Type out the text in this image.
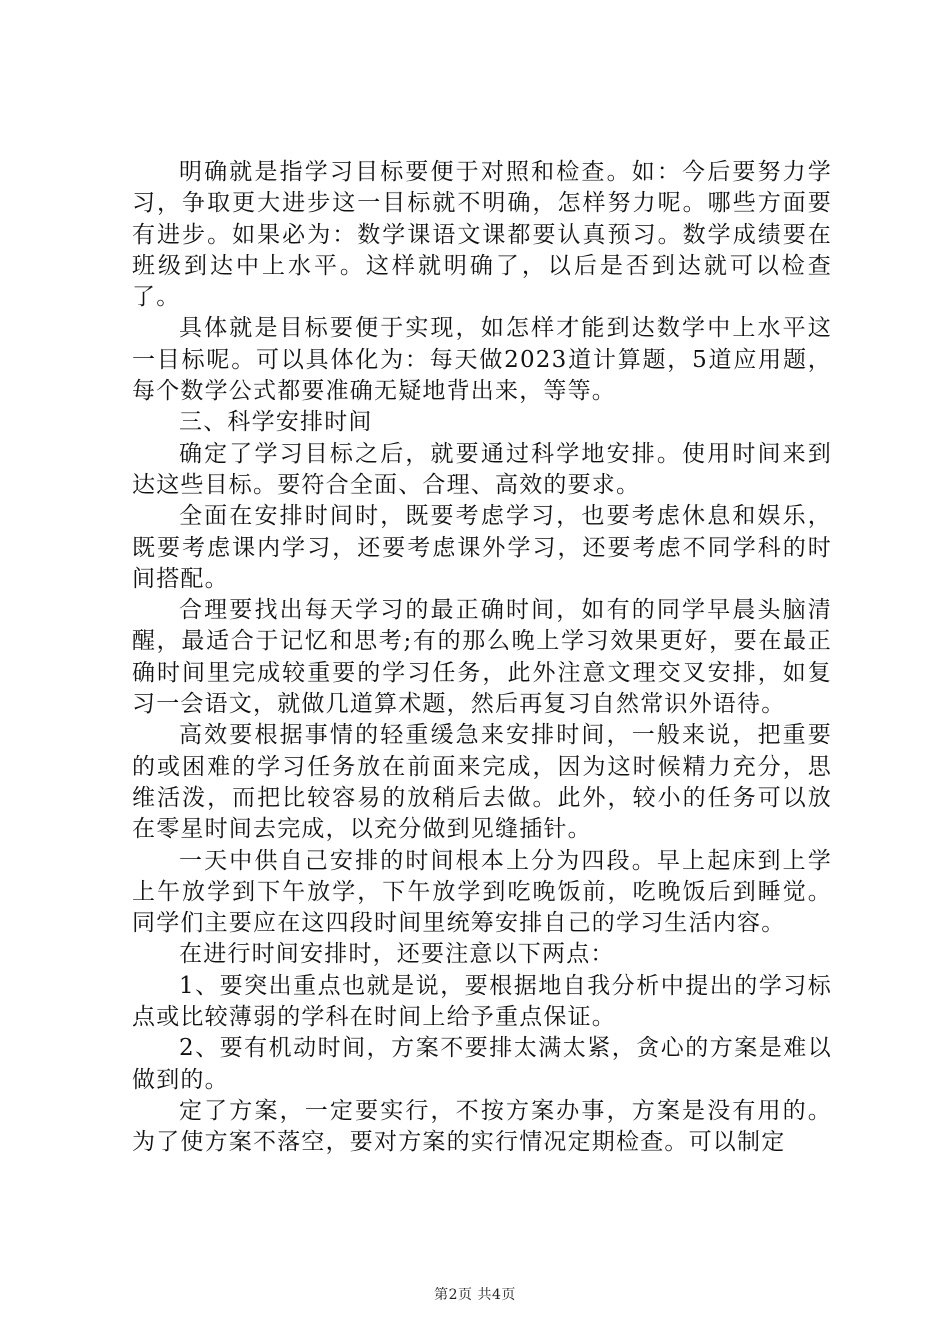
明确就是指学习目标要便于对照和检查。如：今后要努力学习，争取更大进步这一目标就不明确，怎样努力呢。哪些方面要有进步。如果必为：数学课语文课都要认真预习。数学成绩要在班级到达中上水平。这样就明确了，以后是否到达就可以检查了。

具体就是目标要便于实现，如怎样才能到达数学中上水平这一目标呢。可以具体化为：每天做2023道计算题，5道应用题，每个数学公式都要准确无疑地背出来，等等。

三、科学安排时间

确定了学习目标之后，就要通过科学地安排。使用时间来到达这些目标。要符合全面、合理、高效的要求。

全面在安排时间时，既要考虑学习，也要考虑休息和娱乐，既要考虑课内学习，还要考虑课外学习，还要考虑不同学科的时间搭配。

合理要找出每天学习的最正确时间，如有的同学早晨头脑清醒，最适合于记忆和思考;有的那么晚上学习效果更好，要在最正确时间里完成较重要的学习任务，此外注意文理交叉安排，如复习一会语文，就做几道算术题，然后再复习自然常识外语待。

高效要根据事情的轻重缓急来安排时间，一般来说，把重要的或困难的学习任务放在前面来完成，因为这时候精力充分，思维活泼，而把比较容易的放稍后去做。此外，较小的任务可以放在零星时间去完成，以充分做到见缝插针。

一天中供自己安排的时间根本上分为四段。早上起床到上学上午放学到下午放学，下午放学到吃晚饭前，吃晚饭后到睡觉。同学们主要应在这四段时间里统筹安排自己的学习生活内容。

在进行时间安排时，还要注意以下两点：

1、要突出重点也就是说，要根据地自我分析中提出的学习标点或比较薄弱的学科在时间上给予重点保证。

2、要有机动时间，方案不要排太满太紧，贪心的方案是难以做到的。

定了方案，一定要实行，不按方案办事，方案是没有用的。为了使方案不落空，要对方案的实行情况定期检查。可以制定

第2页 共4页
